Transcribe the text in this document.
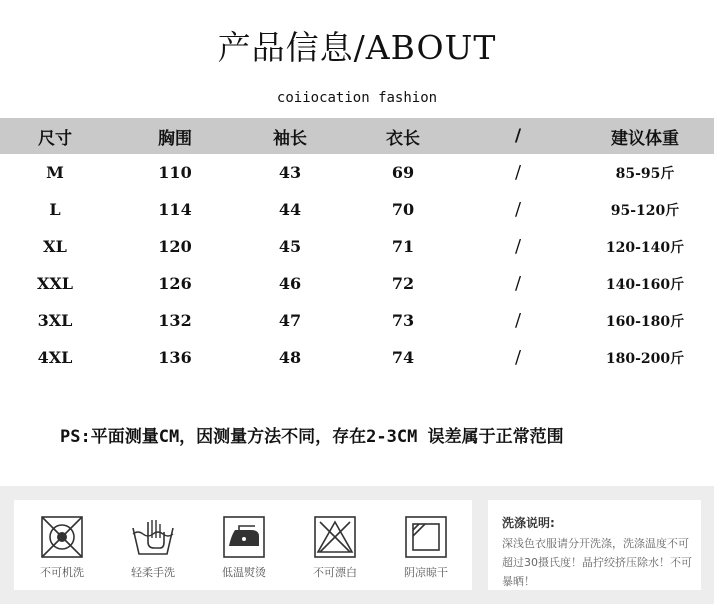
产品信息/ABOUT
coiiocation fashion
尺寸	胸围	袖长	衣长	/	建议体重
M	110	43	69	/	85-95斤
L	114	44	70	/	95-120斤
XL	120	45	71	/	120-140斤
XXL	126	46	72	/	140-160斤
3XL	132	47	73	/	160-180斤
4XL	136	48	74	/	180-200斤
PS:平面测量CM，因测量方法不同，存在2-3CM 误差属于正常范围
不可机洗	轻柔手洗	低温熨烫	不可漂白	阴凉晾干
洗涤说明:
深浅色衣服请分开洗涤，洗涤温度不可超过30摄氏度！晶拧绞挤压除水！不可暴晒！
